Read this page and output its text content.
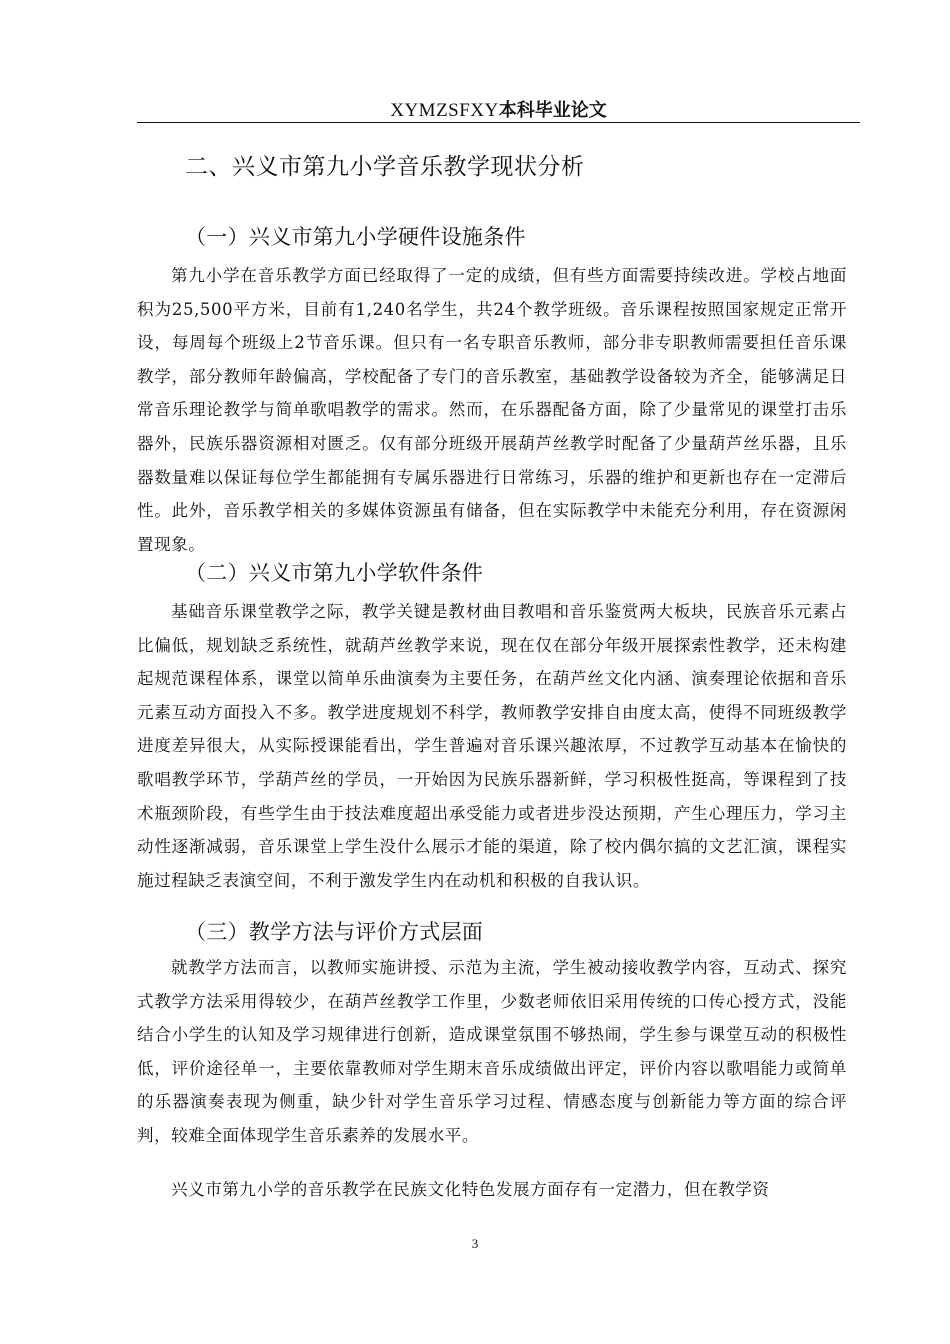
XYMZSFXY本科毕业论文
二、兴义市第九小学音乐教学现状分析
（一）兴义市第九小学硬件设施条件

第九小学在音乐教学方面已经取得了一定的成绩，但有些方面需要持续改进。学校占地面积为25,500平方米，目前有1,240名学生，共24个教学班级。音乐课程按照国家规定正常开设，每周每个班级上2节音乐课。但只有一名专职音乐教师，部分非专职教师需要担任音乐课教学，部分教师年龄偏高，学校配备了专门的音乐教室，基础教学设备较为齐全，能够满足日常音乐理论教学与简单歌唱教学的需求。然而，在乐器配备方面，除了少量常见的课堂打击乐器外，民族乐器资源相对匮乏。仅有部分班级开展葫芦丝教学时配备了少量葫芦丝乐器，且乐器数量难以保证每位学生都能拥有专属乐器进行日常练习，乐器的维护和更新也存在一定滞后性。此外，音乐教学相关的多媒体资源虽有储备，但在实际教学中未能充分利用，存在资源闲置现象。

（二）兴义市第九小学软件条件

基础音乐课堂教学之际，教学关键是教材曲目教唱和音乐鉴赏两大板块，民族音乐元素占比偏低，规划缺乏系统性，就葫芦丝教学来说，现在仅在部分年级开展探索性教学，还未构建起规范课程体系，课堂以简单乐曲演奏为主要任务，在葫芦丝文化内涵、演奏理论依据和音乐元素互动方面投入不多。教学进度规划不科学，教师教学安排自由度太高，使得不同班级教学进度差异很大，从实际授课能看出，学生普遍对音乐课兴趣浓厚，不过教学互动基本在愉快的歌唱教学环节，学葫芦丝的学员，一开始因为民族乐器新鲜，学习积极性挺高，等课程到了技术瓶颈阶段，有些学生由于技法难度超出承受能力或者进步没达预期，产生心理压力，学习主动性逐渐减弱，音乐课堂上学生没什么展示才能的渠道，除了校内偶尔搞的文艺汇演，课程实施过程缺乏表演空间，不利于激发学生内在动机和积极的自我认识。

（三）教学方法与评价方式层面

就教学方法而言，以教师实施讲授、示范为主流，学生被动接收教学内容，互动式、探究式教学方法采用得较少，在葫芦丝教学工作里，少数老师依旧采用传统的口传心授方式，没能结合小学生的认知及学习规律进行创新，造成课堂氛围不够热闹，学生参与课堂互动的积极性低，评价途径单一，主要依靠教师对学生期末音乐成绩做出评定，评价内容以歌唱能力或简单的乐器演奏表现为侧重，缺少针对学生音乐学习过程、情感态度与创新能力等方面的综合评判，较难全面体现学生音乐素养的发展水平。

兴义市第九小学的音乐教学在民族文化特色发展方面存有一定潜力，但在教学资

3
